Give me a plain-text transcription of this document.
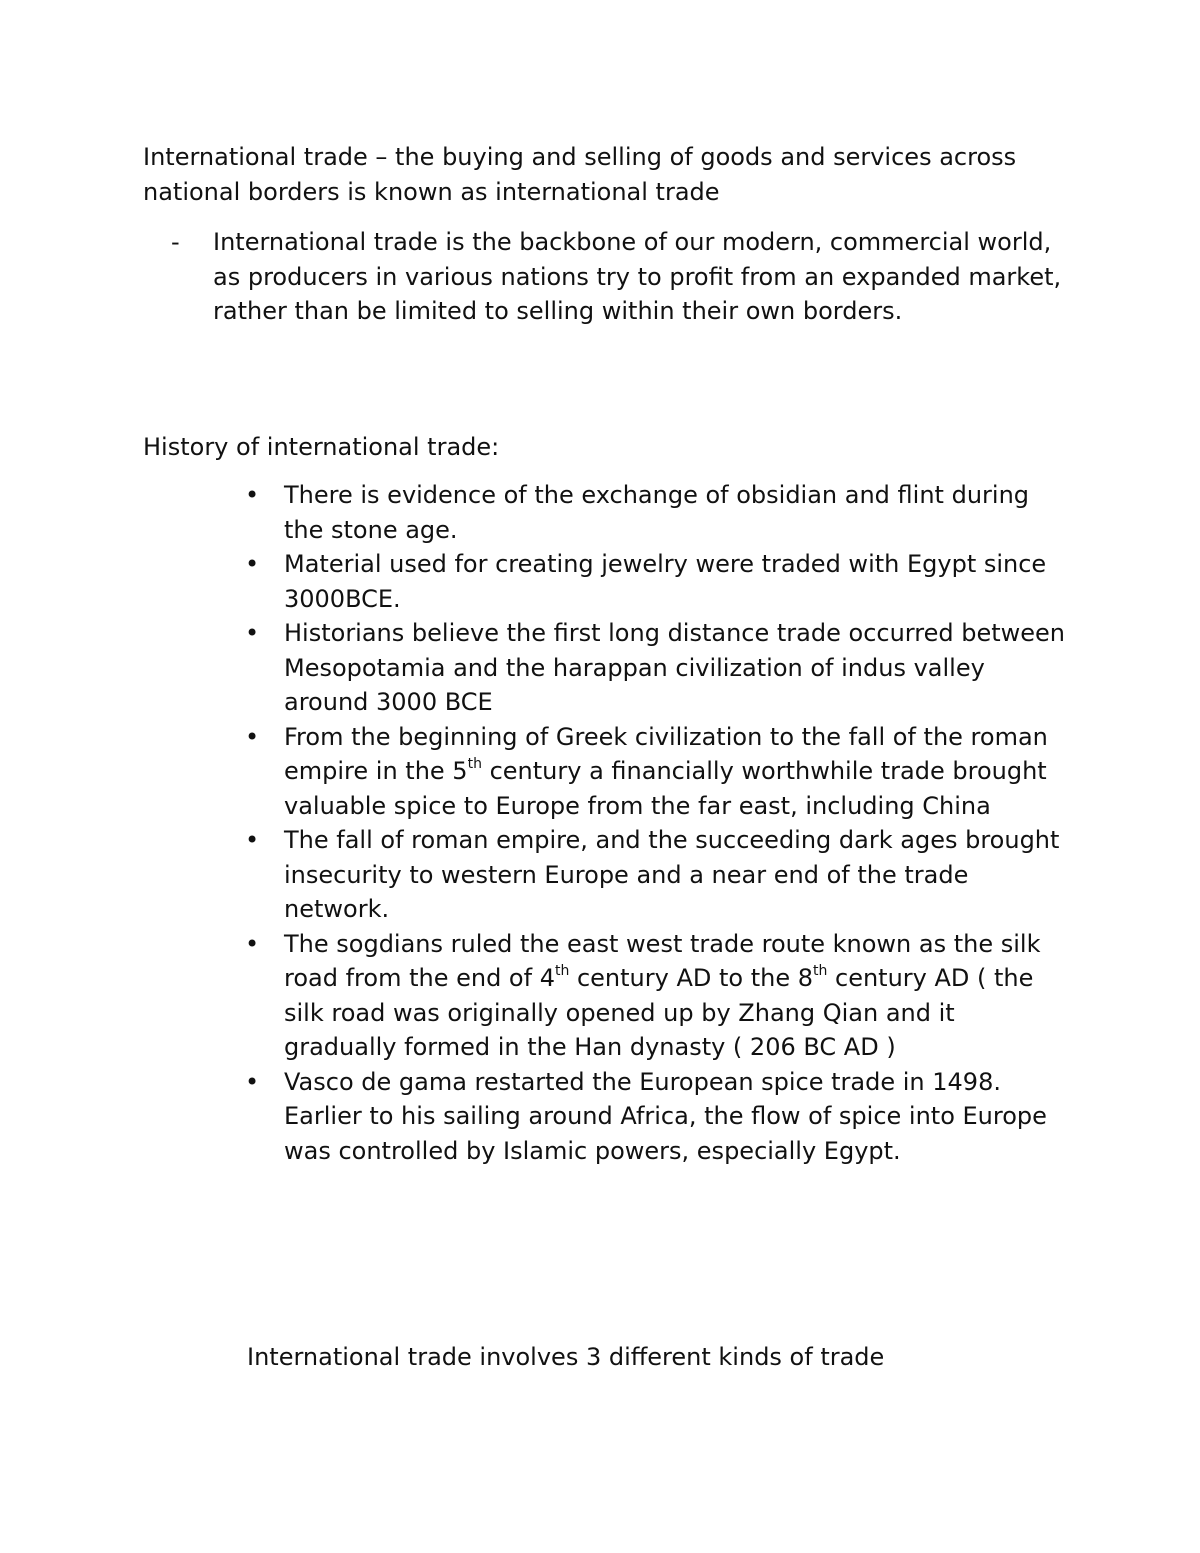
International trade – the buying and selling of goods and services across national borders is known as international trade

- International trade is the backbone of our modern, commercial world, as producers in various nations try to profit from an expanded market, rather than be limited to selling within their own borders.

History of international trade:

• There is evidence of the exchange of obsidian and flint during the stone age.
• Material used for creating jewelry were traded with Egypt since 3000BCE.
• Historians believe the first long distance trade occurred between Mesopotamia and the harappan civilization of indus valley around 3000 BCE
• From the beginning of Greek civilization to the fall of the roman empire in the 5th century a financially worthwhile trade brought valuable spice to Europe from the far east, including China
• The fall of roman empire, and the succeeding dark ages brought insecurity to western Europe and a near end of the trade network.
• The sogdians ruled the east west trade route known as the silk road from the end of 4th century AD to the 8th century AD ( the silk road was originally opened up by Zhang Qian and it gradually formed in the Han dynasty ( 206 BC AD )
• Vasco de gama restarted the European spice trade in 1498. Earlier to his sailing around Africa, the flow of spice into Europe was controlled by Islamic powers, especially Egypt.

International trade involves 3 different kinds of trade
